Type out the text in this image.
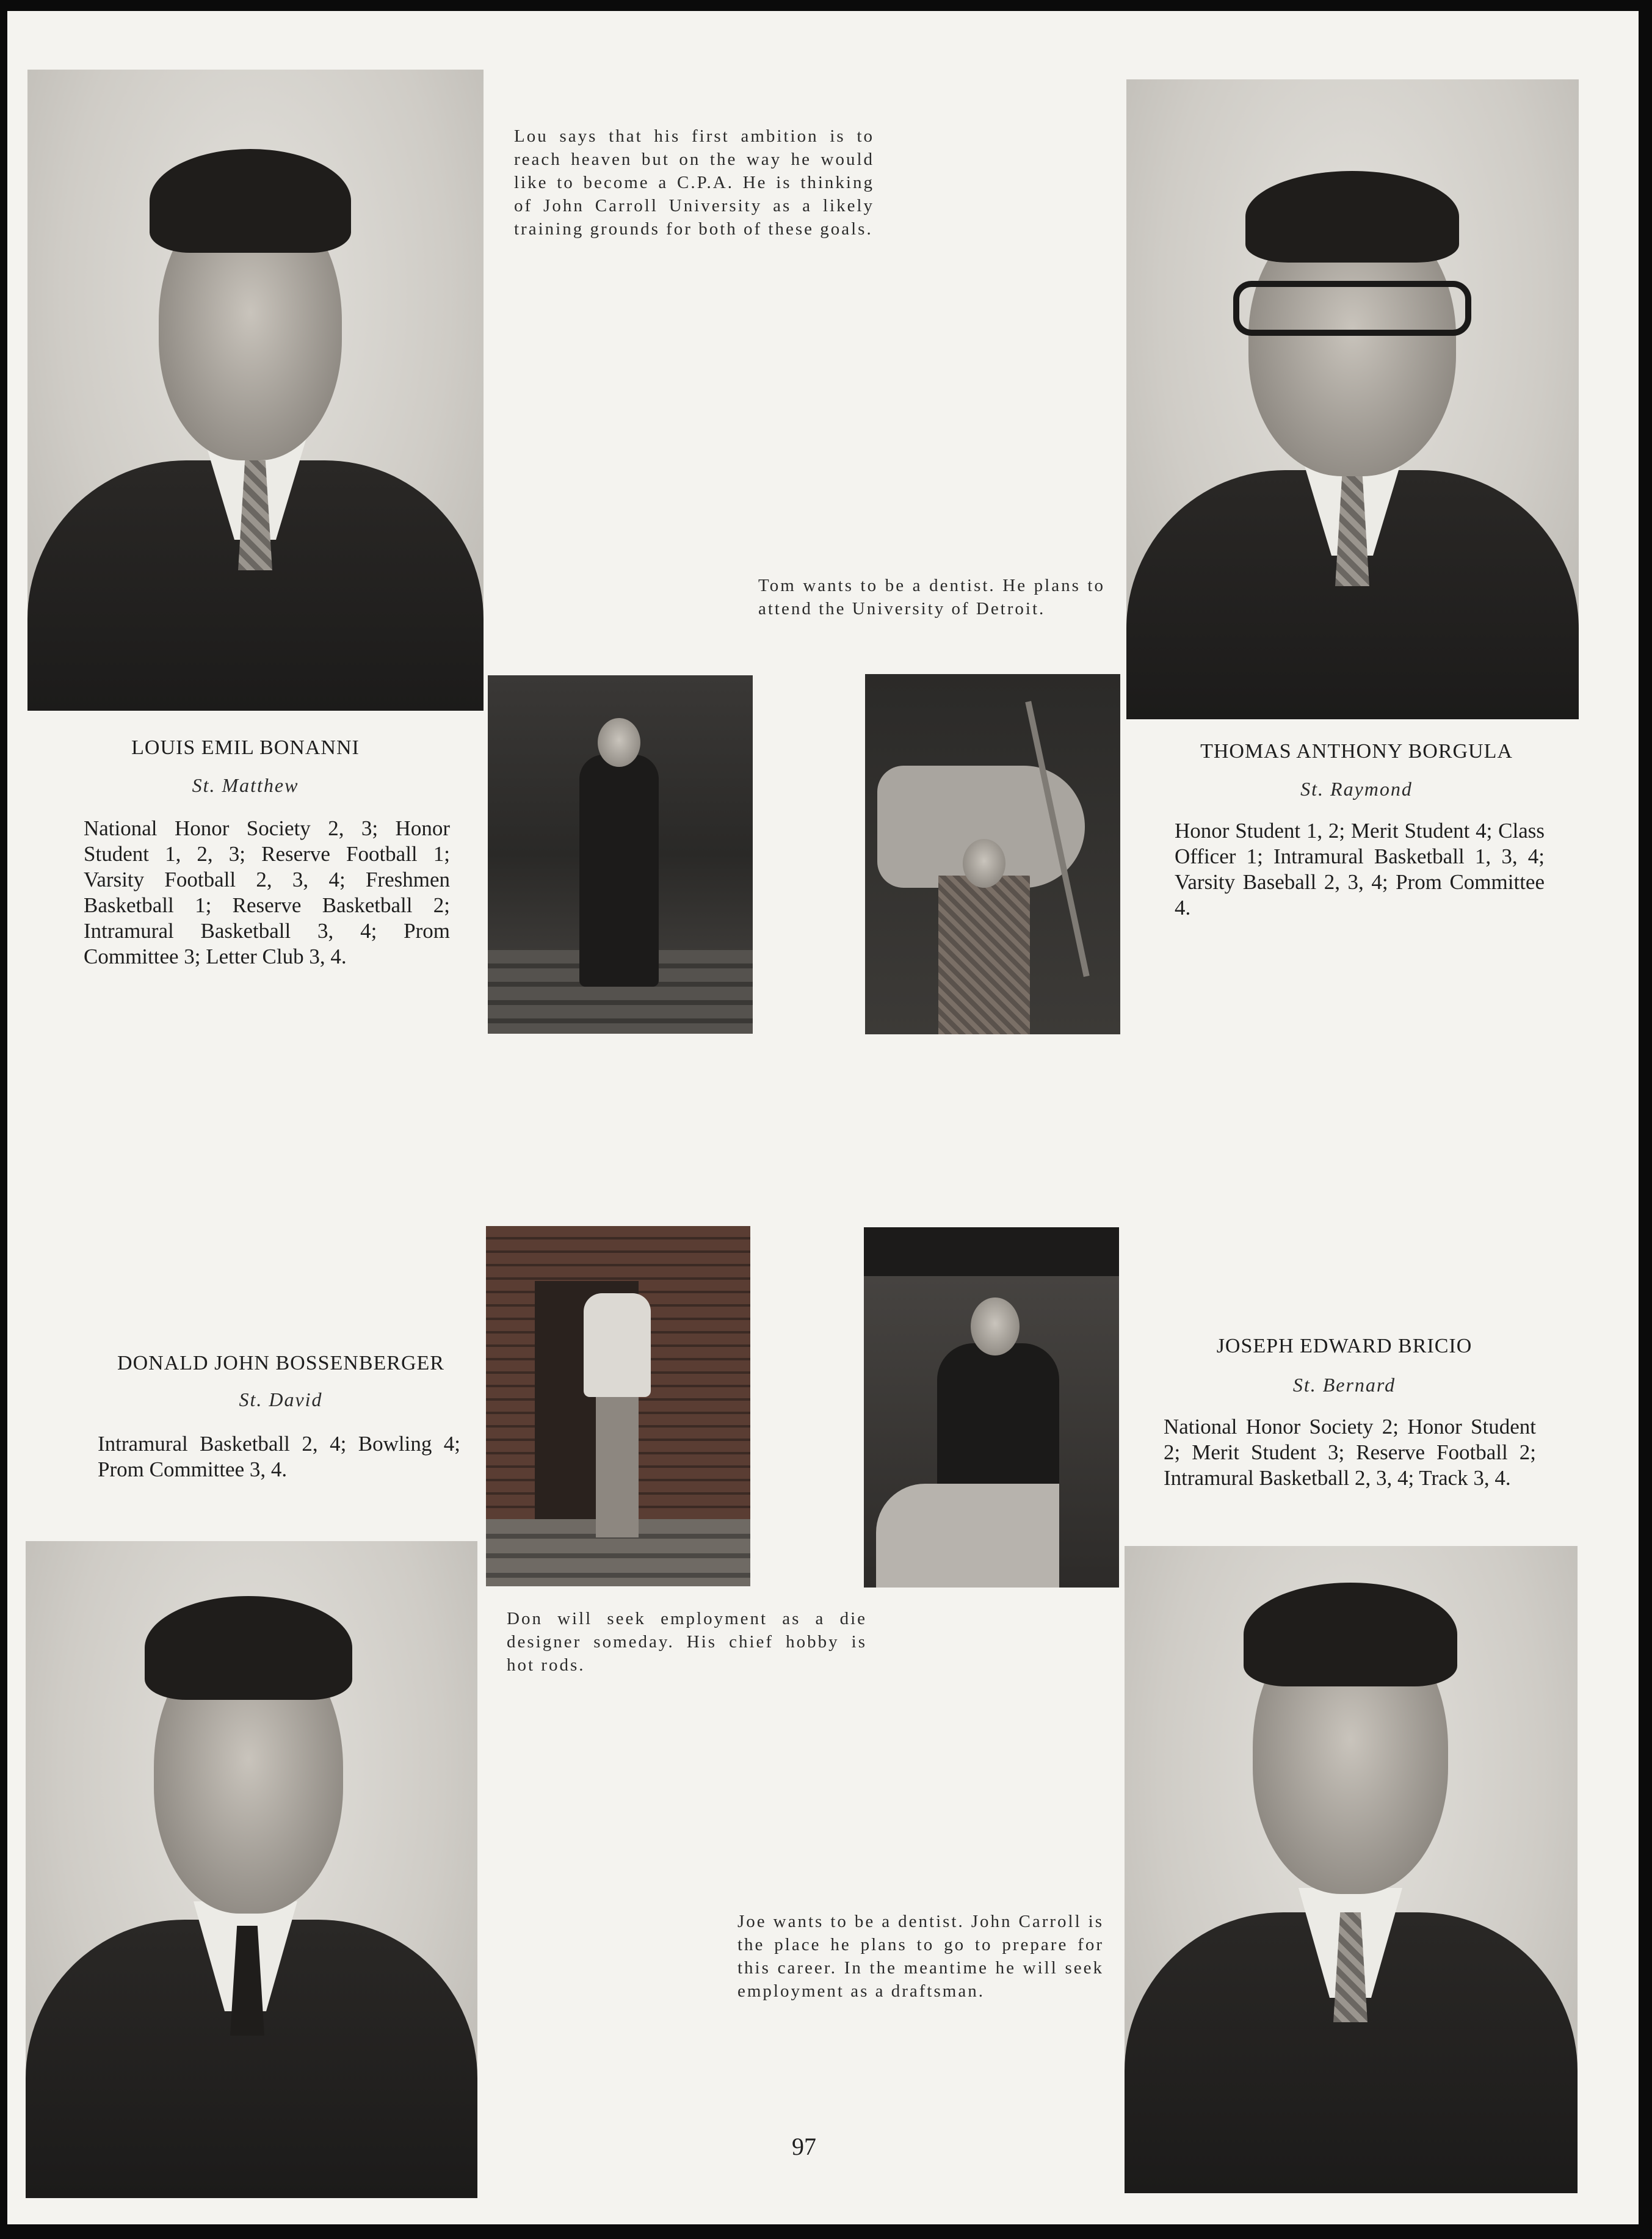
Lou says that his first ambition is to reach heaven but on the way he would like to become a C.P.A. He is thinking of John Carroll University as a likely training grounds for both of these goals.

LOUIS EMIL BONANNI
St. Matthew

National Honor Society 2, 3; Honor Student 1, 2, 3; Reserve Football 1; Varsity Football 2, 3, 4; Freshmen Basketball 1; Reserve Basketball 2; Intramural Basketball 3, 4; Prom Committee 3; Letter Club 3, 4.

Tom wants to be a dentist. He plans to attend the University of Detroit.

THOMAS ANTHONY BORGULA
St. Raymond

Honor Student 1, 2; Merit Student 4; Class Officer 1; Intramural Basketball 1, 3, 4; Varsity Baseball 2, 3, 4; Prom Committee 4.

DONALD JOHN BOSSENBERGER
St. David

Intramural Basketball 2, 4; Bowling 4; Prom Committee 3, 4.

Don will seek employment as a die designer someday. His chief hobby is hot rods.

JOSEPH EDWARD BRICIO
St. Bernard

National Honor Society 2; Honor Student 2; Merit Student 3; Reserve Football 2; Intramural Basketball 2, 3, 4; Track 3, 4.

Joe wants to be a dentist. John Carroll is the place he plans to go to prepare for this career. In the meantime he will seek employment as a draftsman.

97
